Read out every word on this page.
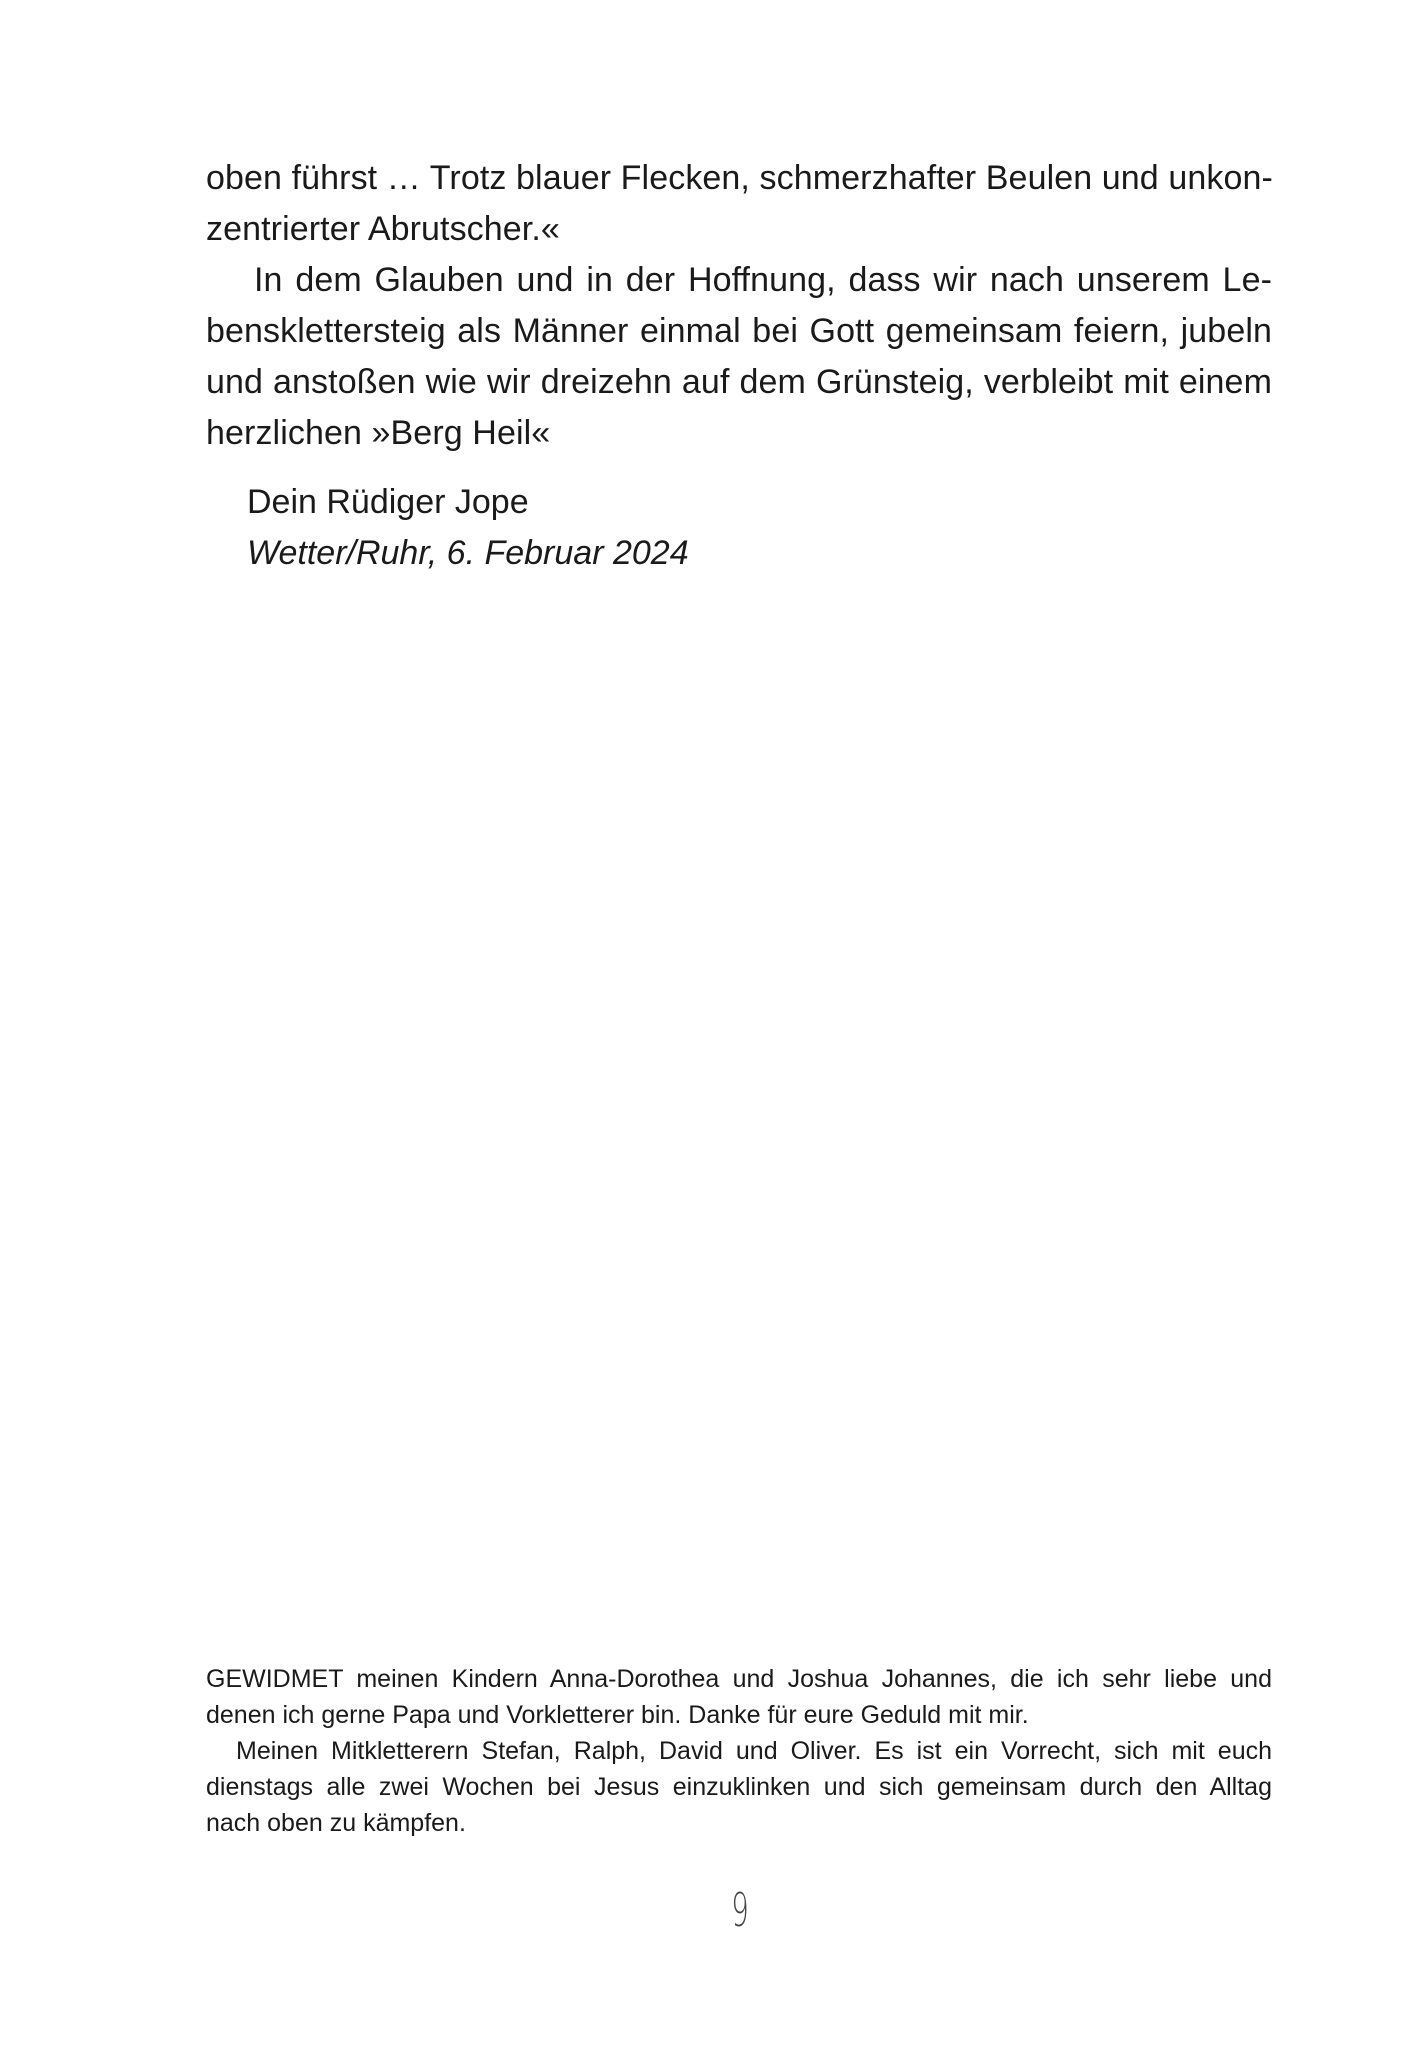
oben führst … Trotz blauer Flecken, schmerzhafter Beulen und unkon-
zentrierter Abrutscher.«
In dem Glauben und in der Hoffnung, dass wir nach unserem Le-
bensklettersteig als Männer einmal bei Gott gemeinsam feiern, jubeln
und anstoßen wie wir dreizehn auf dem Grünsteig, verbleibt mit einem
herzlichen »Berg Heil«
Dein Rüdiger Jope
Wetter/Ruhr, 6. Februar 2024
GEWIDMET meinen Kindern Anna-Dorothea und Joshua Johannes, die ich sehr liebe und
denen ich gerne Papa und Vorkletterer bin. Danke für eure Geduld mit mir.
Meinen Mitkletterern Stefan, Ralph, David und Oliver. Es ist ein Vorrecht, sich mit euch
dienstags alle zwei Wochen bei Jesus einzuklinken und sich gemeinsam durch den Alltag
nach oben zu kämpfen.
9
